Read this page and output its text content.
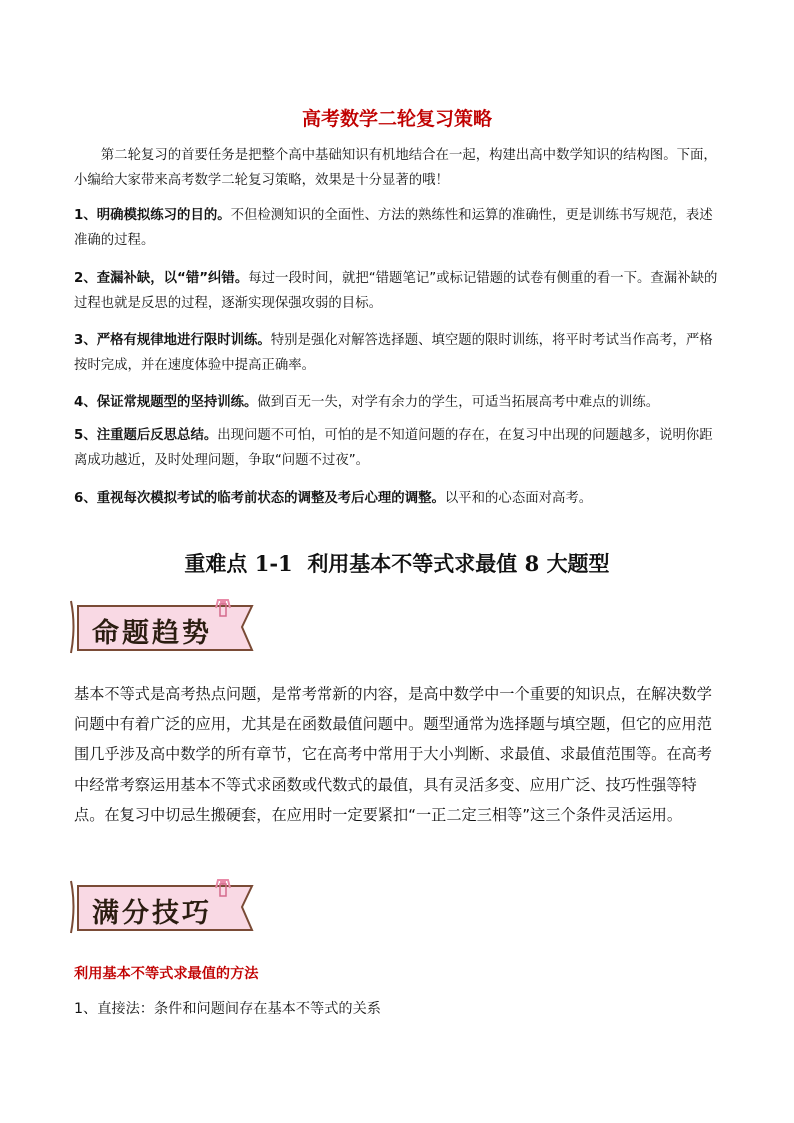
高考数学二轮复习策略
第二轮复习的首要任务是把整个高中基础知识有机地结合在一起，构建出高中数学知识的结构图。下面，小编给大家带来高考数学二轮复习策略，效果是十分显著的哦！
1、明确模拟练习的目的。不但检测知识的全面性、方法的熟练性和运算的准确性，更是训练书写规范，表述准确的过程。
2、查漏补缺，以“错”纠错。每过一段时间，就把“错题笔记”或标记错题的试卷有侧重的看一下。查漏补缺的过程也就是反思的过程，逐渐实现保强攻弱的目标。
3、严格有规律地进行限时训练。特别是强化对解答选择题、填空题的限时训练，将平时考试当作高考，严格按时完成，并在速度体验中提高正确率。
4、保证常规题型的坚持训练。做到百无一失，对学有余力的学生，可适当拓展高考中难点的训练。
5、注重题后反思总结。出现问题不可怕，可怕的是不知道问题的存在，在复习中出现的问题越多，说明你距离成功越近，及时处理问题，争取“问题不过夜”。
6、重视每次模拟考试的临考前状态的调整及考后心理的调整。以平和的心态面对高考。
重难点 1-1 利用基本不等式求最值 8 大题型
命题趋势
基本不等式是高考热点问题，是常考常新的内容，是高中数学中一个重要的知识点，在解决数学问题中有着广泛的应用，尤其是在函数最值问题中。题型通常为选择题与填空题，但它的应用范围几乎涉及高中数学的所有章节，它在高考中常用于大小判断、求最值、求最值范围等。在高考中经常考察运用基本不等式求函数或代数式的最值，具有灵活多变、应用广泛、技巧性强等特点。在复习中切忌生搬硬套，在应用时一定要紧扣“一正二定三相等”这三个条件灵活运用。
满分技巧
利用基本不等式求最值的方法
1、直接法：条件和问题间存在基本不等式的关系
